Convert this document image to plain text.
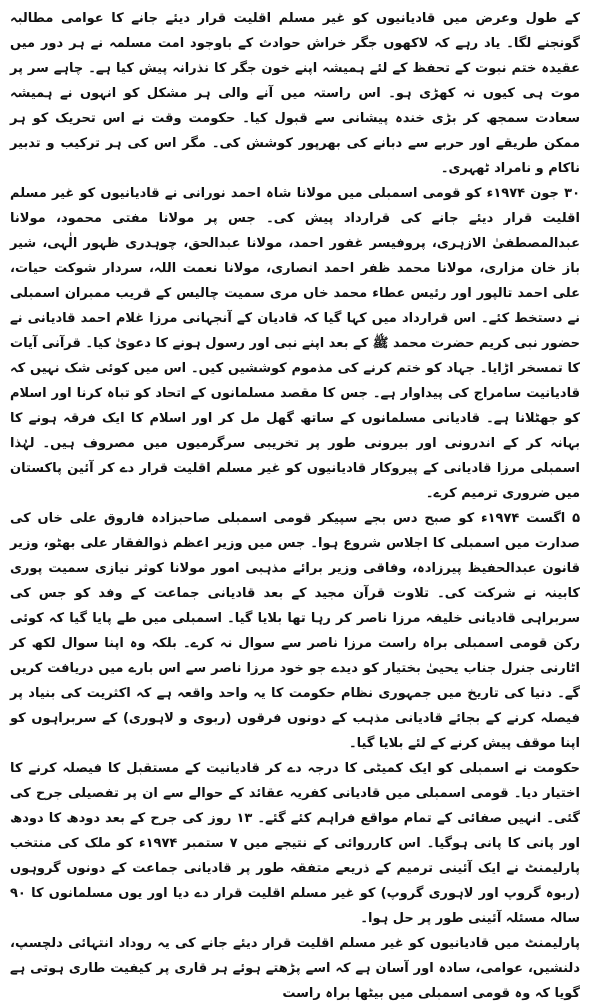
کے طول وعرض میں قادیانیوں کو غیر مسلم اقلیت قرار دیئے جانے کا عوامی مطالبہ گونجنے لگا۔ یاد رہے کہ لاکھوں جگر خراش حوادث کے باوجود امت مسلمہ نے ہر دور میں عقیدہ ختم نبوت کے تحفظ کے لئے ہمیشہ اپنے خون جگر کا نذرانہ پیش کیا ہے۔ چاہے سر پر موت ہی کیوں نہ کھڑی ہو۔ اس راستہ میں آنے والی ہر مشکل کو انہوں نے ہمیشہ سعادت سمجھ کر بڑی خندہ پیشانی سے قبول کیا۔ حکومت وقت نے اس تحریک کو ہر ممکن طریقے اور حربے سے دبانے کی بھرپور کوشش کی۔ مگر اس کی ہر ترکیب و تدبیر ناکام و نامراد ٹھہری۔

۳۰ جون ۱۹۷۴ء کو قومی اسمبلی میں مولانا شاہ احمد نورانی نے قادیانیوں کو غیر مسلم اقلیت قرار دیئے جانے کی قرارداد پیش کی۔ جس پر مولانا مفتی محمود، مولانا عبدالمصطفیٰ الازہری، پروفیسر غفور احمد، مولانا عبدالحق، چوہدری ظہور الٰہی، شیر باز خان مزاری، مولانا محمد ظفر احمد انصاری، مولانا نعمت اللہ، سردار شوکت حیات، علی احمد تالپور اور رئیس عطاء محمد خاں مری سمیت چالیس کے قریب ممبران اسمبلی نے دستخط کئے۔ اس قرارداد میں کہا گیا کہ قادیان کے آنجہانی مرزا غلام احمد قادیانی نے حضور نبی کریم حضرت محمد ﷺ کے بعد اپنے نبی اور رسول ہونے کا دعویٰ کیا۔ قرآنی آیات کا تمسخر اڑایا۔ جہاد کو ختم کرنے کی مذموم کوششیں کیں۔ اس میں کوئی شک نہیں کہ قادیانیت سامراج کی پیداوار ہے۔ جس کا مقصد مسلمانوں کے اتحاد کو تباہ کرنا اور اسلام کو جھٹلانا ہے۔ قادیانی مسلمانوں کے ساتھ گھل مل کر اور اسلام کا ایک فرقہ ہونے کا بہانہ کر کے اندرونی اور بیرونی طور پر تخریبی سرگرمیوں میں مصروف ہیں۔ لہٰذا اسمبلی مرزا قادیانی کے پیروکار قادیانیوں کو غیر مسلم اقلیت قرار دے کر آئین پاکستان میں ضروری ترمیم کرے۔

۵ اگست ۱۹۷۴ء کو صبح دس بجے سپیکر قومی اسمبلی صاحبزادہ فاروق علی خاں کی صدارت میں اسمبلی کا اجلاس شروع ہوا۔ جس میں وزیر اعظم ذوالفقار علی بھٹو، وزیر قانون عبدالحفیظ پیرزادہ، وفاقی وزیر برائے مذہبی امور مولانا کوثر نیازی سمیت پوری کابینہ نے شرکت کی۔ تلاوت قرآن مجید کے بعد قادیانی جماعت کے وفد کو جس کی سربراہی قادیانی خلیفہ مرزا ناصر کر رہا تھا بلایا گیا۔ اسمبلی میں طے پایا گیا کہ کوئی رکن قومی اسمبلی براہ راست مرزا ناصر سے سوال نہ کرے۔ بلکہ وہ اپنا سوال لکھ کر اٹارنی جنرل جناب یحییٰ بختیار کو دیدے جو خود مرزا ناصر سے اس بارے میں دریافت کریں گے۔ دنیا کی تاریخ میں جمہوری نظام حکومت کا یہ واحد واقعہ ہے کہ اکثریت کی بنیاد پر فیصلہ کرنے کے بجائے قادیانی مذہب کے دونوں فرقوں (ربوی و لاہوری) کے سربراہوں کو اپنا موقف پیش کرنے کے لئے بلایا گیا۔

حکومت نے اسمبلی کو ایک کمیٹی کا درجہ دے کر قادیانیت کے مستقبل کا فیصلہ کرنے کا اختیار دیا۔ قومی اسمبلی میں قادیانی کفریہ عقائد کے حوالے سے ان پر تفصیلی جرح کی گئی۔ انہیں صفائی کے تمام مواقع فراہم کئے گئے۔ ۱۳ روز کی جرح کے بعد دودھ کا دودھ اور پانی کا پانی ہوگیا۔ اس کارروائی کے نتیجے میں ۷ ستمبر ۱۹۷۴ء کو ملک کی منتخب پارلیمنٹ نے ایک آئینی ترمیم کے ذریعے متفقہ طور پر قادیانی جماعت کے دونوں گروہوں (ربوہ گروپ اور لاہوری گروپ) کو غیر مسلم اقلیت قرار دے دیا اور یوں مسلمانوں کا ۹۰ سالہ مسئلہ آئینی طور پر حل ہوا۔

پارلیمنٹ میں قادیانیوں کو غیر مسلم اقلیت قرار دیئے جانے کی یہ روداد انتہائی دلچسپ، دلنشیں، عوامی، سادہ اور آسان ہے کہ اسے پڑھتے ہوئے ہر قاری پر کیفیت طاری ہوتی ہے گویا کہ وہ قومی اسمبلی میں بیٹھا براہ راست
